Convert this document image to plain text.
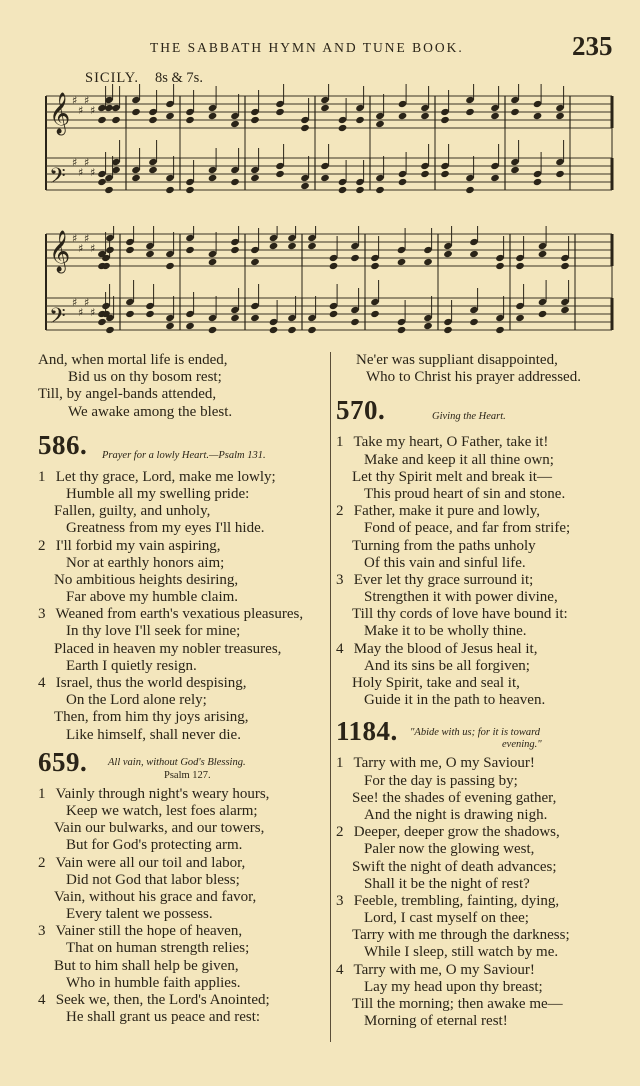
THE SABBATH HYMN AND TUNE BOOK.	235
SICILY. 8s & 7s.
𝄞 ♯
♯
♯
♯
𝄢
♯
♯
♯
♯
𝄞 ♯
♯
♯
♯
𝄢
♯
♯
♯
♯
And, when mortal life is ended,
Bid us on thy bosom rest;
Till, by angel-bands attended,
We awake among the blest.
586. Prayer for a lowly Heart.—Psalm 131.
1 Let thy grace, Lord, make me lowly;
Humble all my swelling pride:
Fallen, guilty, and unholy,
Greatness from my eyes I'll hide.
2 I'll forbid my vain aspiring,
Nor at earthly honors aim;
No ambitious heights desiring,
Far above my humble claim.
3 Weaned from earth's vexatious pleasures,
In thy love I'll seek for mine;
Placed in heaven my nobler treasures,
Earth I quietly resign.
4 Israel, thus the world despising,
On the Lord alone rely;
Then, from him thy joys arising,
Like himself, shall never die.
659. All vain, without God's Blessing.
Psalm 127.
1 Vainly through night's weary hours,
Keep we watch, lest foes alarm;
Vain our bulwarks, and our towers,
But for God's protecting arm.
2 Vain were all our toil and labor,
Did not God that labor bless;
Vain, without his grace and favor,
Every talent we possess.
3 Vainer still the hope of heaven,
That on human strength relies;
But to him shall help be given,
Who in humble faith applies.
4 Seek we, then, the Lord's Anointed;
He shall grant us peace and rest:
Ne'er was suppliant disappointed,
Who to Christ his prayer addressed.
570.	Giving the Heart.
1 Take my heart, O Father, take it!
Make and keep it all thine own;
Let thy Spirit melt and break it—
This proud heart of sin and stone.
2 Father, make it pure and lowly,
Fond of peace, and far from strife;
Turning from the paths unholy
Of this vain and sinful life.
3 Ever let thy grace surround it;
Strengthen it with power divine,
Till thy cords of love have bound it:
Make it to be wholly thine.
4 May the blood of Jesus heal it,
And its sins be all forgiven;
Holy Spirit, take and seal it,
Guide it in the path to heaven.
1184. "Abide with us; for it is toward
evening."
1 Tarry with me, O my Saviour!
For the day is passing by;
See! the shades of evening gather,
And the night is drawing nigh.
2 Deeper, deeper grow the shadows,
Paler now the glowing west,
Swift the night of death advances;
Shall it be the night of rest?
3 Feeble, trembling, fainting, dying,
Lord, I cast myself on thee;
Tarry with me through the darkness;
While I sleep, still watch by me.
4 Tarry with me, O my Saviour!
Lay my head upon thy breast;
Till the morning; then awake me—
Morning of eternal rest!
